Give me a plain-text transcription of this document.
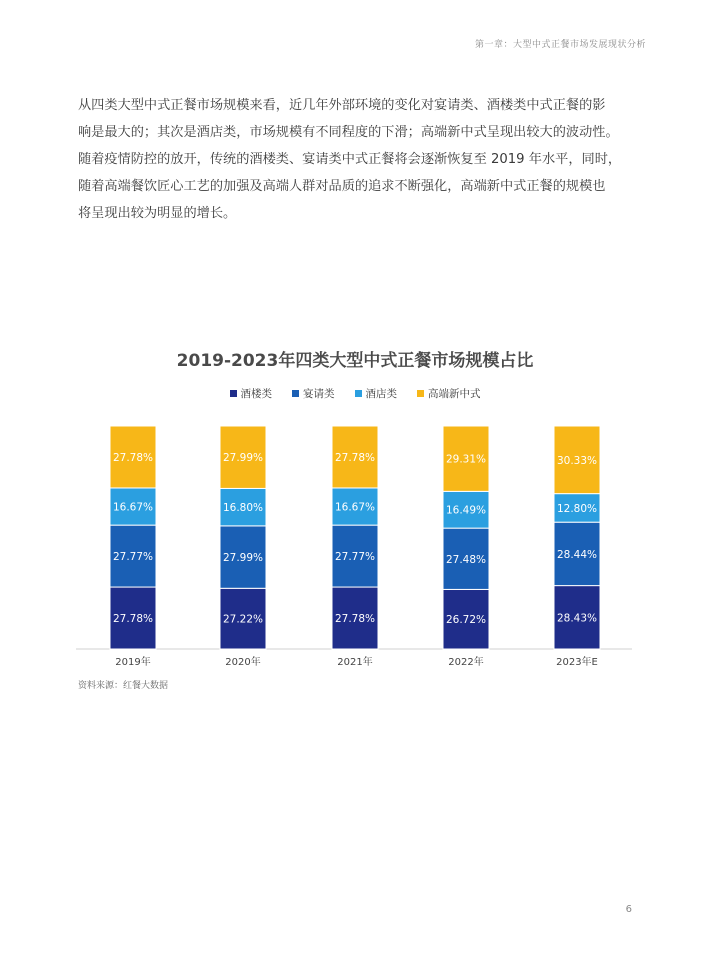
第一章：大型中式正餐市场发展现状分析

从四类大型中式正餐市场规模来看，近几年外部环境的变化对宴请类、酒楼类中式正餐的影

响是最大的；其次是酒店类，市场规模有不同程度的下滑；高端新中式呈现出较大的波动性。

随着疫情防控的放开，传统的酒楼类、宴请类中式正餐将会逐渐恢复至 2019 年水平，同时，

随着高端餐饮匠心工艺的加强及高端人群对品质的追求不断强化，高端新中式正餐的规模也

将呈现出较为明显的增长。

2019-2023年四类大型中式正餐市场规模占比
酒楼类	宴请类	酒店类	高端新中式
27.78%
27.77%
16.67%
27.78%
2019年
27.22%
27.99%
16.80%
27.99%
2020年
27.78%
27.77%
16.67%
27.78%
2021年
26.72%
27.48%
16.49%
29.31%
2022年
28.43%
28.44%
12.80%
30.33%
2023年E
资料来源：红餐大数据
6
